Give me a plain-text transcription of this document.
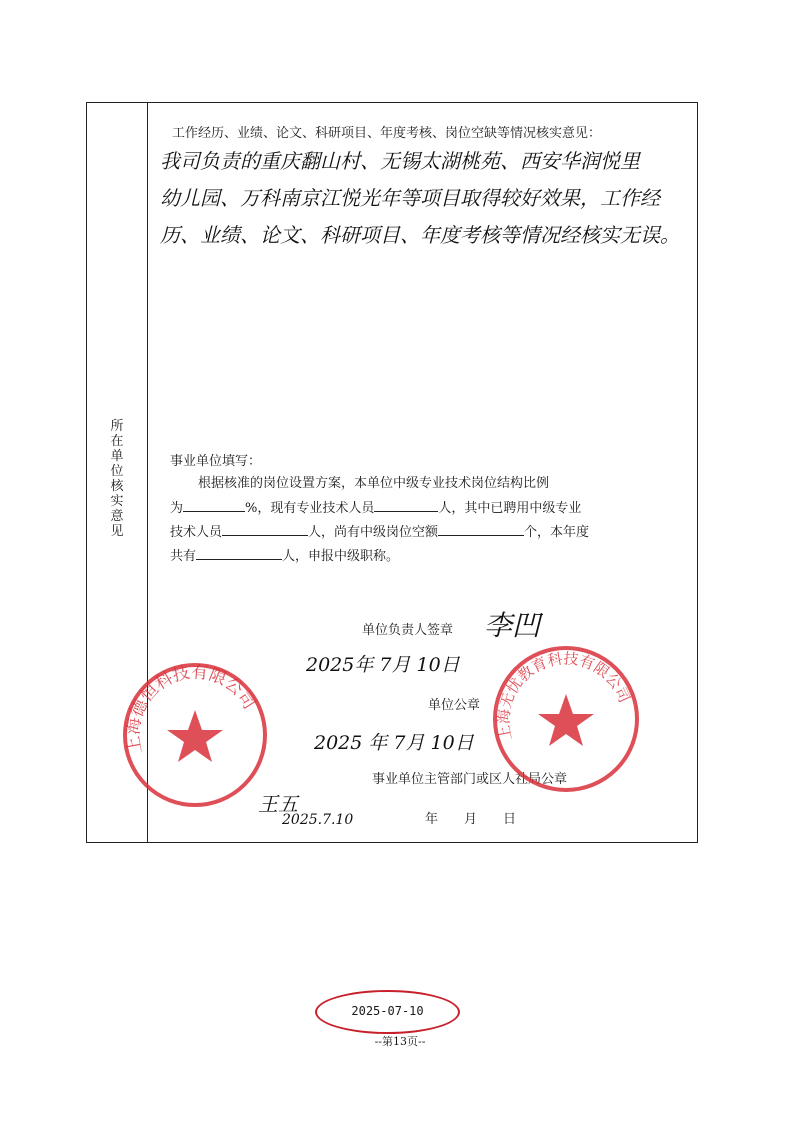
所在单位核实意见
工作经历、业绩、论文、科研项目、年度考核、岗位空缺等情况核实意见：
我司负责的重庆翻山村、无锡太湖桃苑、西安华润悦里
幼儿园、万科南京江悦光年等项目取得较好效果，工作经
历、业绩、论文、科研项目、年度考核等情况经核实无误。
事业单位填写：
根据核准的岗位设置方案，本单位中级专业技术岗位结构比例
为	%，现有专业技术人员	人，其中已聘用中级专业
技术人员	人，尚有中级岗位空额	个，本年度
共有	人，申报中级职称。
单位负责人签章 李凹
2025年 7月 10日
单位公章
2025 年 7月 10日
事业单位主管部门或区人社局公章
年　　月　　日
王五
2025.7.10
上海德恒科技有限公司
上海无忧教育科技有限公司
2025-07-10
--第13页--
